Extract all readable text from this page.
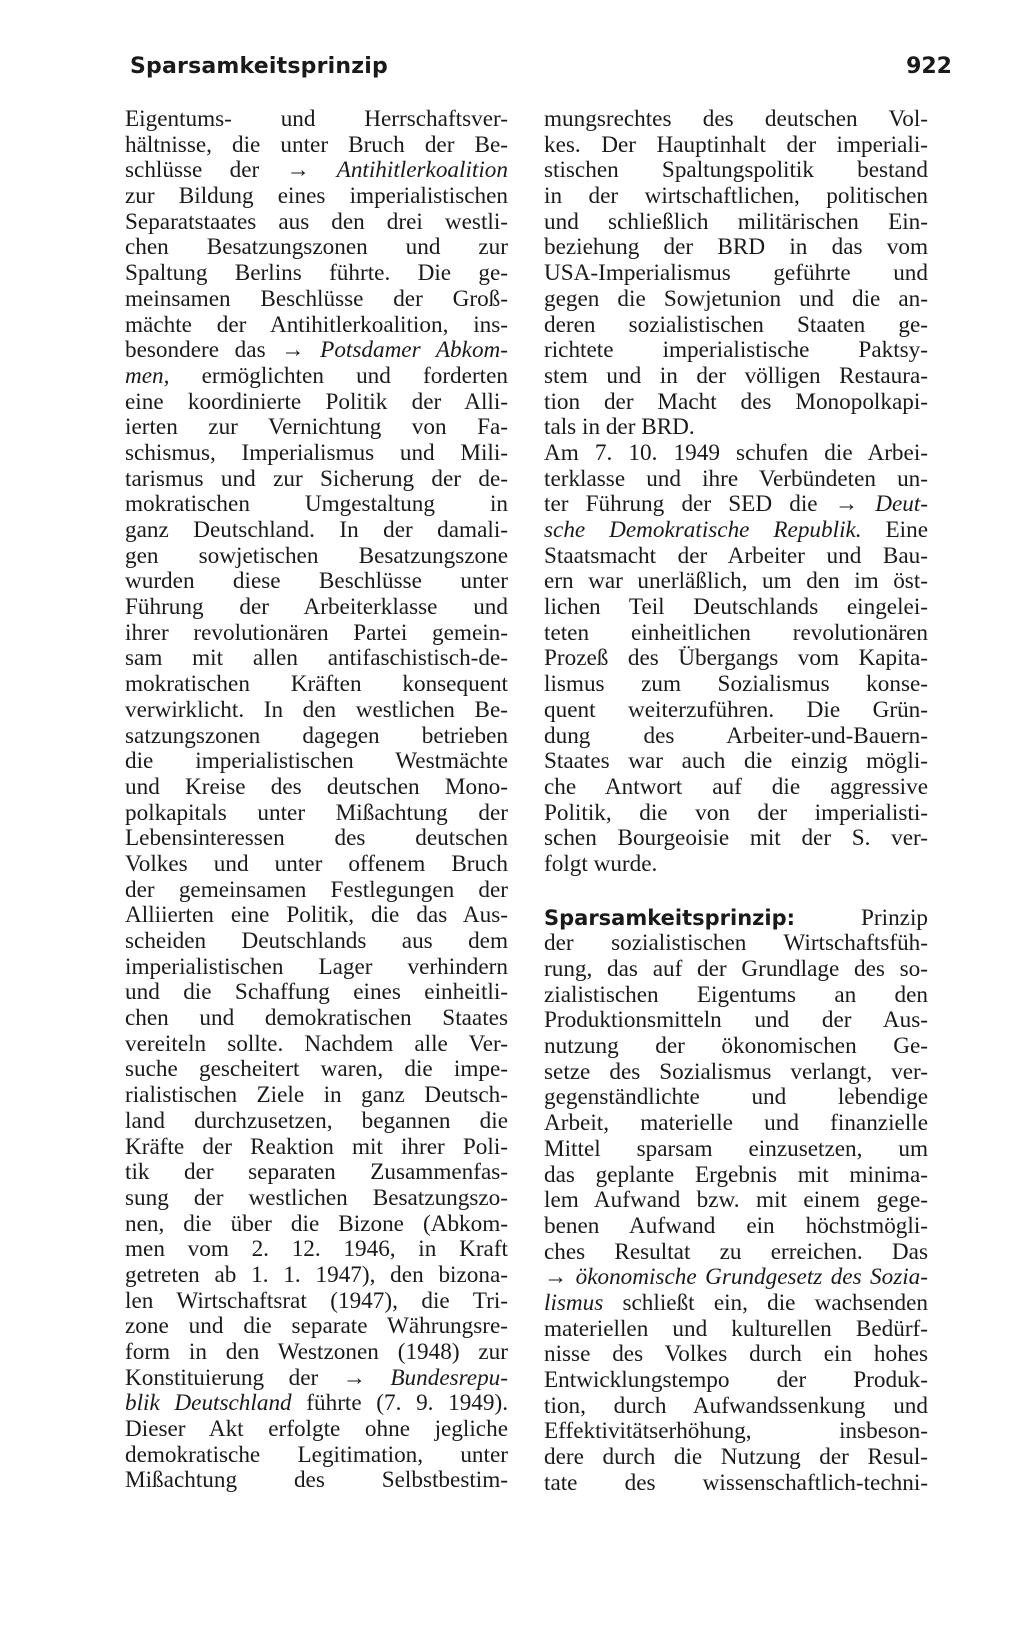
Sparsamkeitsprinzip	922
Eigentums- und Herrschaftsver-
hältnisse, die unter Bruch der Be-
schlüsse der → Antihitlerkoalition
zur Bildung eines imperialistischen
Separatstaates aus den drei westli-
chen Besatzungszonen und zur
Spaltung Berlins führte. Die ge-
meinsamen Beschlüsse der Groß-
mächte der Antihitlerkoalition, ins-
besondere das → Potsdamer Abkom-
men, ermöglichten und forderten
eine koordinierte Politik der Alli-
ierten zur Vernichtung von Fa-
schismus, Imperialismus und Mili-
tarismus und zur Sicherung der de-
mokratischen Umgestaltung in
ganz Deutschland. In der damali-
gen sowjetischen Besatzungszone
wurden diese Beschlüsse unter
Führung der Arbeiterklasse und
ihrer revolutionären Partei gemein-
sam mit allen antifaschistisch-de-
mokratischen Kräften konsequent
verwirklicht. In den westlichen Be-
satzungszonen dagegen betrieben
die imperialistischen Westmächte
und Kreise des deutschen Mono-
polkapitals unter Mißachtung der
Lebensinteressen des deutschen
Volkes und unter offenem Bruch
der gemeinsamen Festlegungen der
Alliierten eine Politik, die das Aus-
scheiden Deutschlands aus dem
imperialistischen Lager verhindern
und die Schaffung eines einheitli-
chen und demokratischen Staates
vereiteln sollte. Nachdem alle Ver-
suche gescheitert waren, die impe-
rialistischen Ziele in ganz Deutsch-
land durchzusetzen, begannen die
Kräfte der Reaktion mit ihrer Poli-
tik der separaten Zusammenfas-
sung der westlichen Besatzungszo-
nen, die über die Bizone (Abkom-
men vom 2. 12. 1946, in Kraft
getreten ab 1. 1. 1947), den bizona-
len Wirtschaftsrat (1947), die Tri-
zone und die separate Währungsre-
form in den Westzonen (1948) zur
Konstituierung der → Bundesrepu-
blik Deutschland führte (7. 9. 1949).
Dieser Akt erfolgte ohne jegliche
demokratische Legitimation, unter
Mißachtung des Selbstbestim-
mungsrechtes des deutschen Vol-
kes. Der Hauptinhalt der imperiali-
stischen Spaltungspolitik bestand
in der wirtschaftlichen, politischen
und schließlich militärischen Ein-
beziehung der BRD in das vom
USA-Imperialismus geführte und
gegen die Sowjetunion und die an-
deren sozialistischen Staaten ge-
richtete imperialistische Paktsy-
stem und in der völligen Restaura-
tion der Macht des Monopolkapi-
tals in der BRD.
Am 7. 10. 1949 schufen die Arbei-
terklasse und ihre Verbündeten un-
ter Führung der SED die → Deut-
sche Demokratische Republik. Eine
Staatsmacht der Arbeiter und Bau-
ern war unerläßlich, um den im öst-
lichen Teil Deutschlands eingelei-
teten einheitlichen revolutionären
Prozeß des Übergangs vom Kapita-
lismus zum Sozialismus konse-
quent weiterzuführen. Die Grün-
dung des Arbeiter-und-Bauern-
Staates war auch die einzig mögli-
che Antwort auf die aggressive
Politik, die von der imperialisti-
schen Bourgeoisie mit der S. ver-
folgt wurde.
Sparsamkeitsprinzip: Prinzip
der sozialistischen Wirtschaftsfüh-
rung, das auf der Grundlage des so-
zialistischen Eigentums an den
Produktionsmitteln und der Aus-
nutzung der ökonomischen Ge-
setze des Sozialismus verlangt, ver-
gegenständlichte und lebendige
Arbeit, materielle und finanzielle
Mittel sparsam einzusetzen, um
das geplante Ergebnis mit minima-
lem Aufwand bzw. mit einem gege-
benen Aufwand ein höchstmögli-
ches Resultat zu erreichen. Das
→ ökonomische Grundgesetz des Sozia-
lismus schließt ein, die wachsenden
materiellen und kulturellen Bedürf-
nisse des Volkes durch ein hohes
Entwicklungstempo der Produk-
tion, durch Aufwandssenkung und
Effektivitätserhöhung, insbeson-
dere durch die Nutzung der Resul-
tate des wissenschaftlich-techni-
